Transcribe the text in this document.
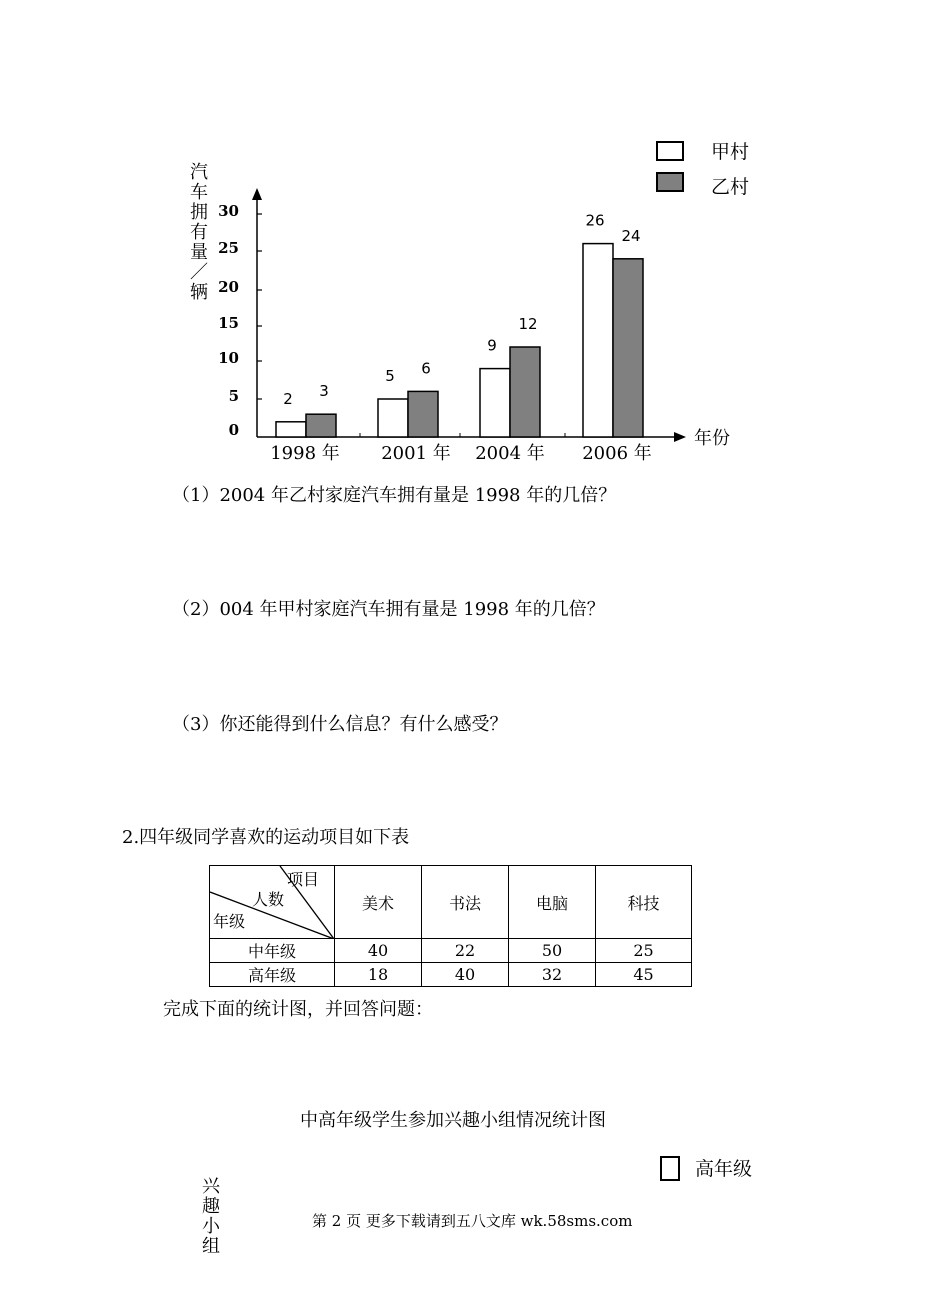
甲村
乙村
汽车拥有量／辆
0
5
10
15
20
25
30
年份
2 3
1998 年
5 6
2001 年
9
12
2004 年
26
24
2006 年
（1）2004 年乙村家庭汽车拥有量是 1998 年的几倍？
（2）004 年甲村家庭汽车拥有量是 1998 年的几倍？
（3）你还能得到什么信息？有什么感受？
2.四年级同学喜欢的运动项目如下表
项目
人数
年级	美术	书法	电脑	科技
中年级	40	22	50	25
高年级	18	40	32	45
完成下面的统计图，并回答问题：
中高年级学生参加兴趣小组情况统计图
高年级
兴趣小组	第 2 页 更多下载请到五八文库 wk.58sms.com
